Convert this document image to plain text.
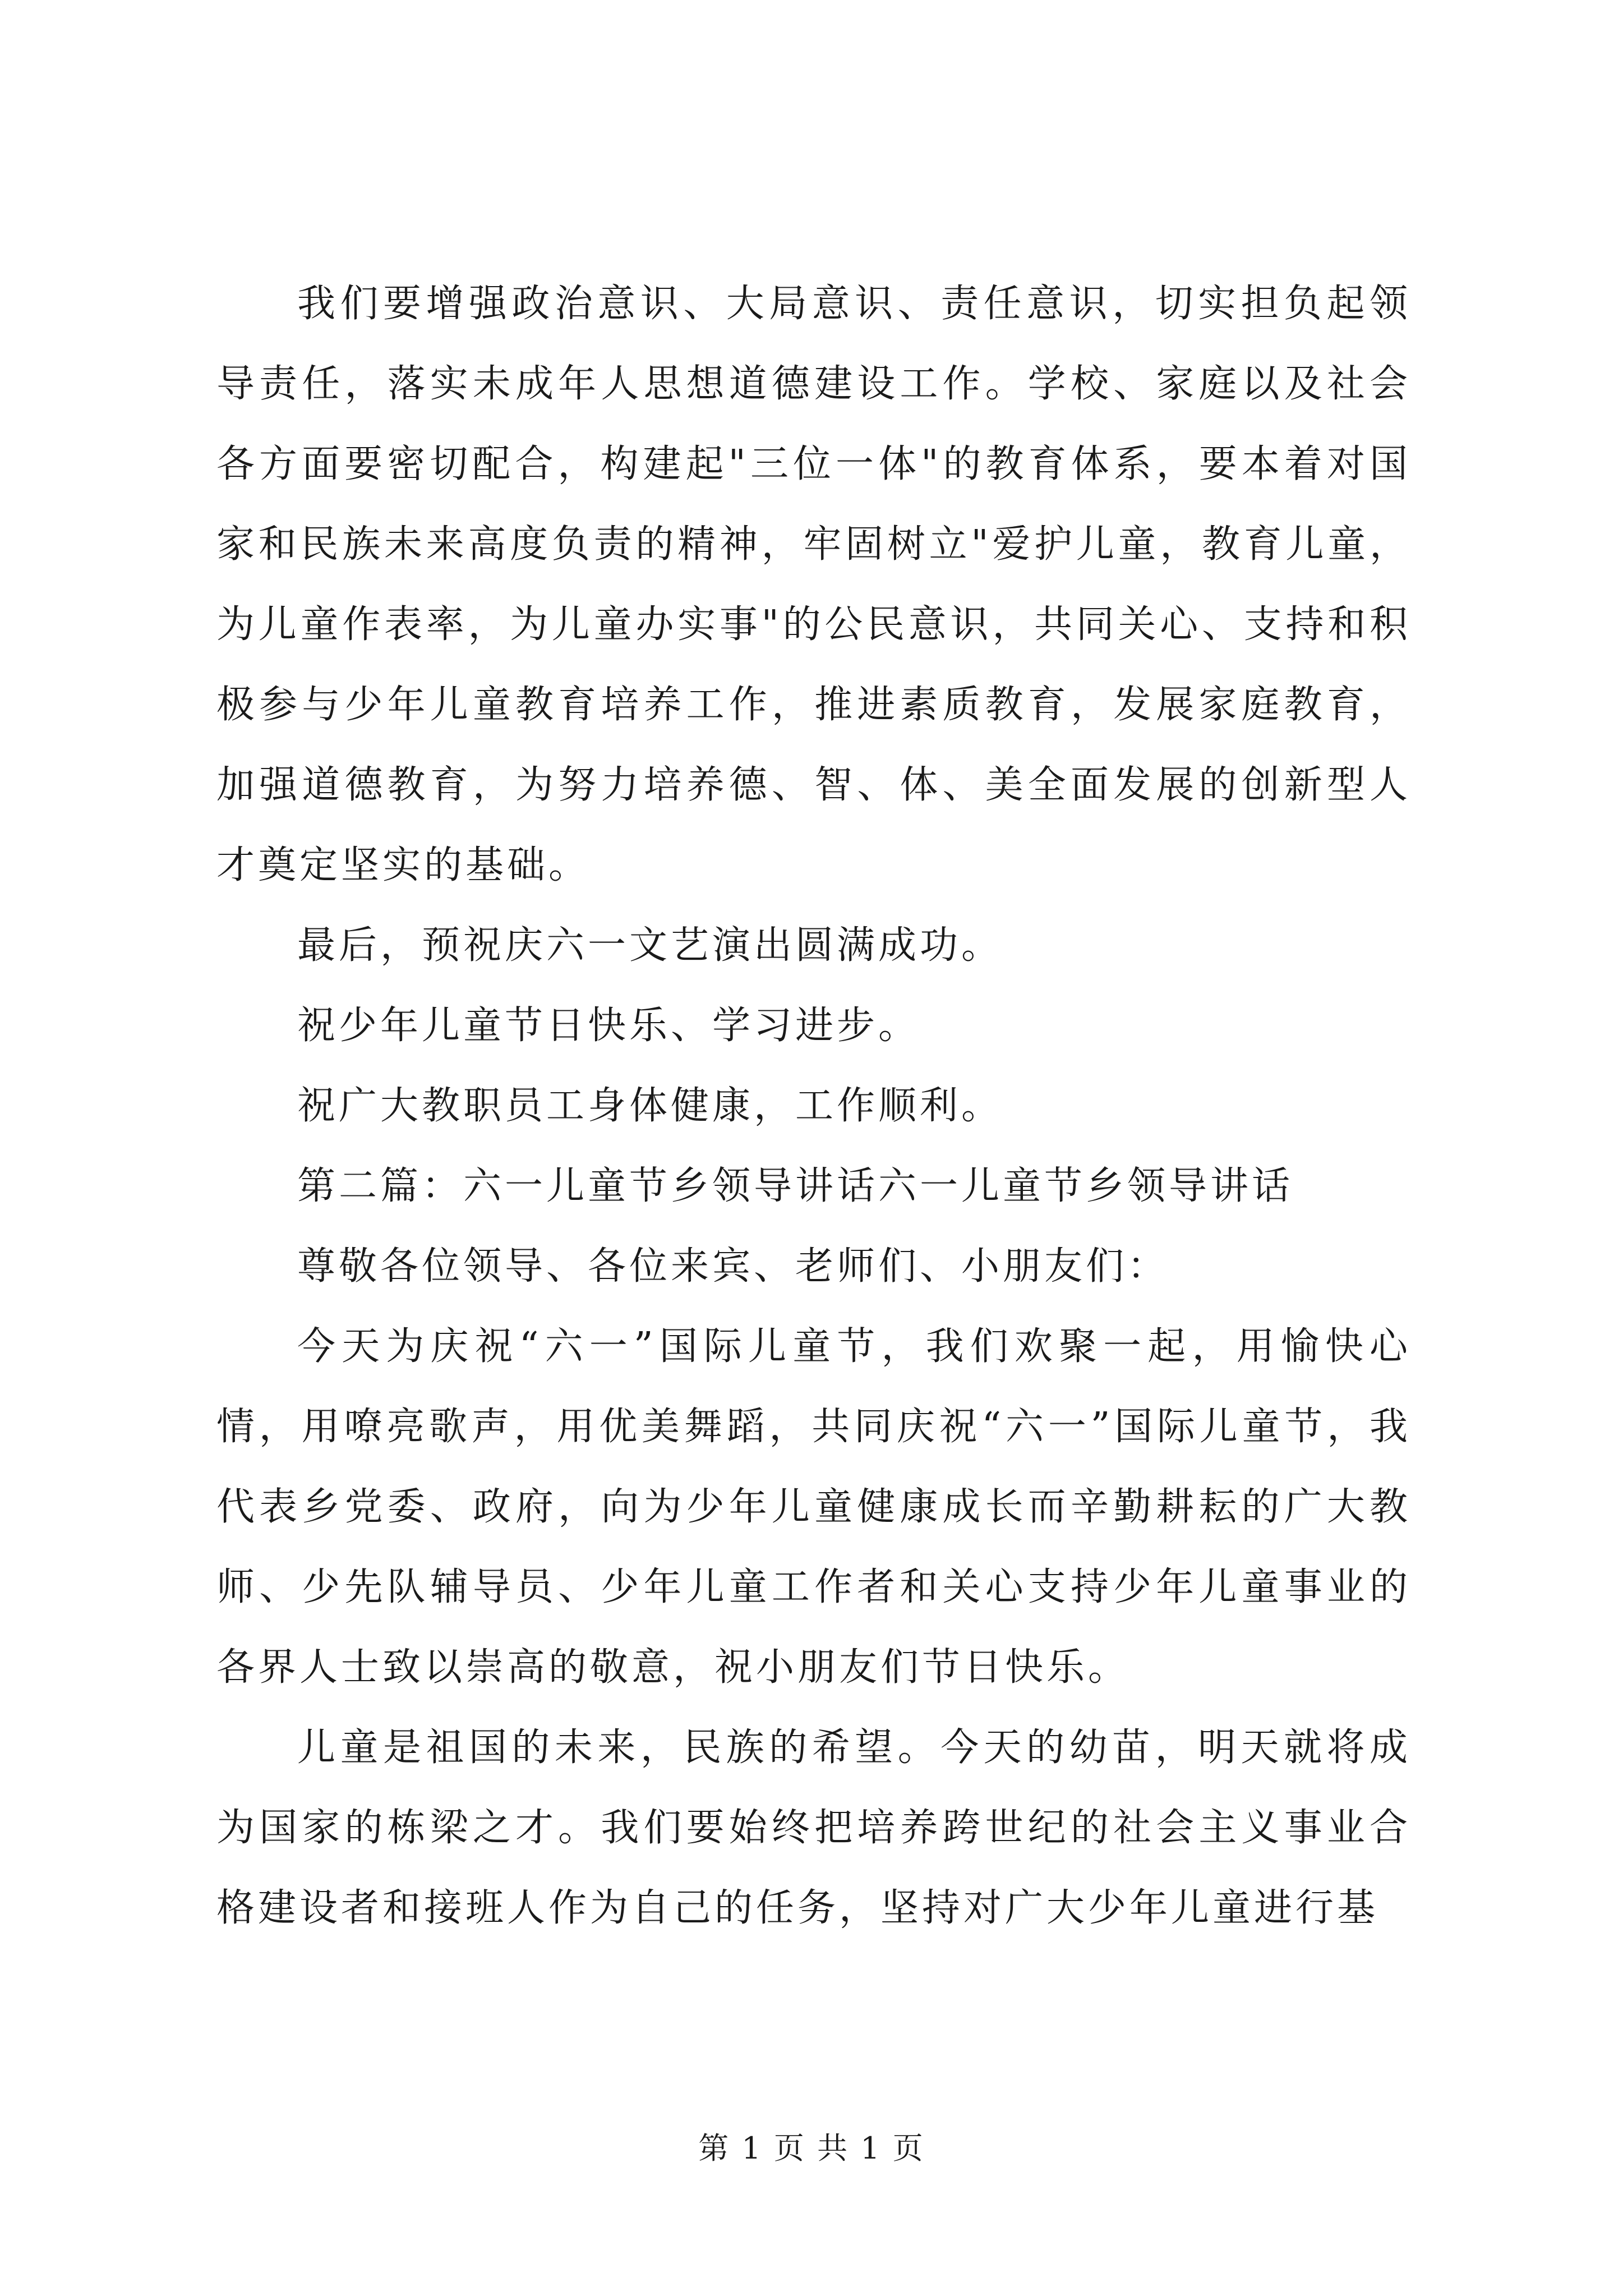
我们要增强政治意识、大局意识、责任意识，切实担负起领导责任，落实未成年人思想道德建设工作。学校、家庭以及社会各方面要密切配合，构建起"三位一体"的教育体系，要本着对国家和民族未来高度负责的精神，牢固树立"爱护儿童，教育儿童，为儿童作表率，为儿童办实事"的公民意识，共同关心、支持和积极参与少年儿童教育培养工作，推进素质教育，发展家庭教育，加强道德教育，为努力培养德、智、体、美全面发展的创新型人才奠定坚实的基础。

最后，预祝庆六一文艺演出圆满成功。

祝少年儿童节日快乐、学习进步。

祝广大教职员工身体健康，工作顺利。

第二篇：六一儿童节乡领导讲话六一儿童节乡领导讲话

尊敬各位领导、各位来宾、老师们、小朋友们：

今天为庆祝“六一”国际儿童节，我们欢聚一起，用愉快心情，用嘹亮歌声，用优美舞蹈，共同庆祝“六一”国际儿童节，我代表乡党委、政府，向为少年儿童健康成长而辛勤耕耘的广大教师、少先队辅导员、少年儿童工作者和关心支持少年儿童事业的各界人士致以崇高的敬意，祝小朋友们节日快乐。

儿童是祖国的未来，民族的希望。今天的幼苗，明天就将成为国家的栋梁之才。我们要始终把培养跨世纪的社会主义事业合格建设者和接班人作为自己的任务，坚持对广大少年儿童进行基

第 1 页 共 1 页
